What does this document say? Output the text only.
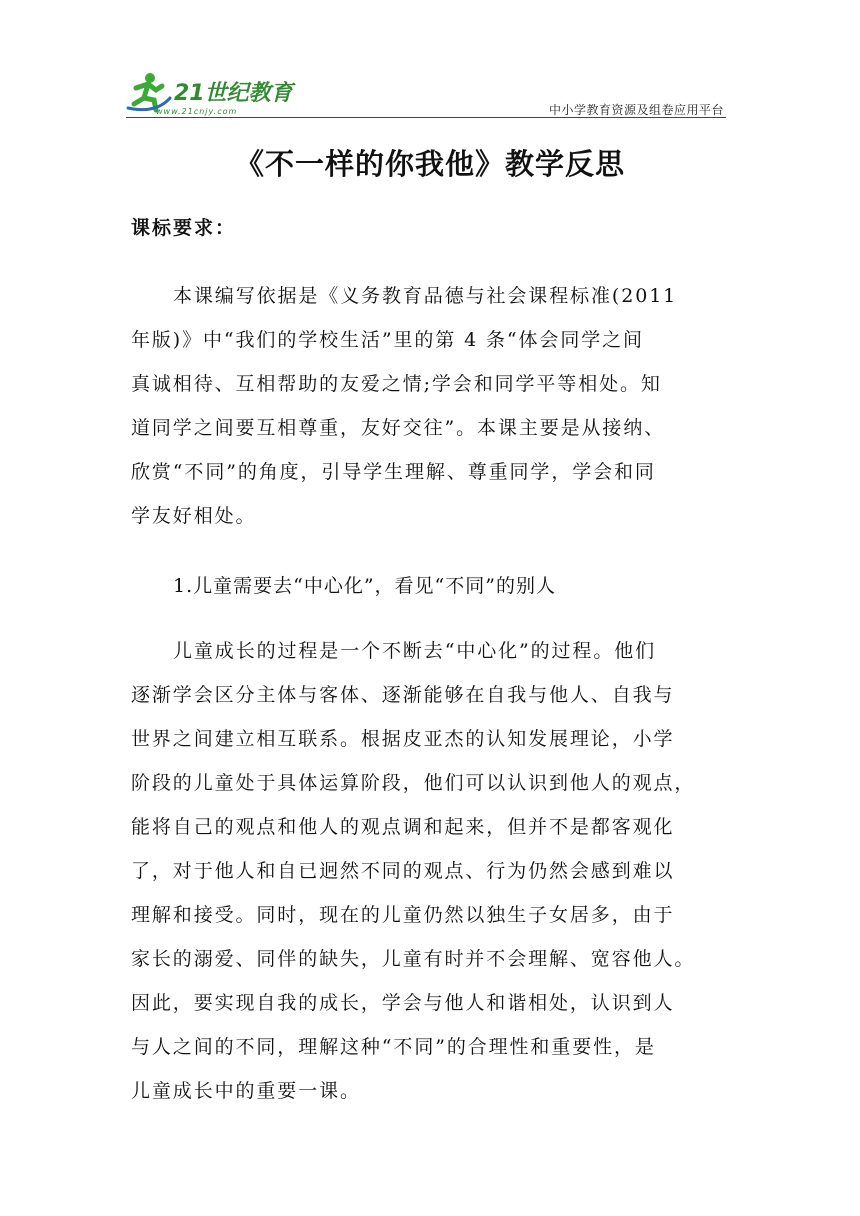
21世纪教育
www.21cnjy.com	中小学教育资源及组卷应用平台
《不一样的你我他》教学反思
课标要求：
本课编写依据是《义务教育品德与社会课程标准(2011
年版)》中“我们的学校生活”里的第 4 条“体会同学之间
真诚相待、互相帮助的友爱之情;学会和同学平等相处。知
道同学之间要互相尊重，友好交往”。本课主要是从接纳、
欣赏“不同”的角度，引导学生理解、尊重同学，学会和同
学友好相处。
1.儿童需要去“中心化”，看见“不同”的别人
儿童成长的过程是一个不断去“中心化”的过程。他们
逐渐学会区分主体与客体、逐渐能够在自我与他人、自我与
世界之间建立相互联系。根据皮亚杰的认知发展理论，小学
阶段的儿童处于具体运算阶段，他们可以认识到他人的观点，
能将自己的观点和他人的观点调和起来，但并不是都客观化
了，对于他人和自已迥然不同的观点、行为仍然会感到难以
理解和接受。同时，现在的儿童仍然以独生子女居多，由于
家长的溺爱、同伴的缺失，儿童有时并不会理解、宽容他人。
因此，要实现自我的成长，学会与他人和谐相处，认识到人
与人之间的不同，理解这种“不同”的合理性和重要性，是
儿童成长中的重要一课。
